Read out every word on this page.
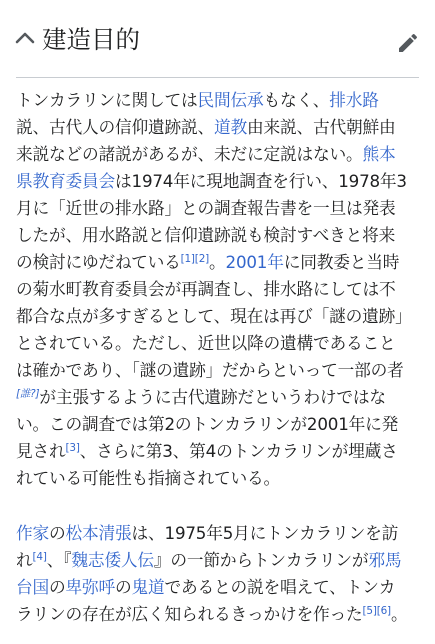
建造目的

トンカラリンに関しては民間伝承もなく、排水路
説、古代人の信仰遺跡説、道教由来説、古代朝鮮由
来説などの諸説があるが、未だに定説はない。熊本
県教育委員会は1974年に現地調査を行い、1978年3
月に「近世の排水路」との調査報告書を一旦は発表
したが、用水路説と信仰遺跡説も検討すべきと将来
の検討にゆだねている[1][2]。2001年に同教委と当時
の菊水町教育委員会が再調査し、排水路にしては不
都合な点が多すぎるとして、現在は再び「謎の遺跡」
とされている。ただし、近世以降の遺構であること
は確かであり、「謎の遺跡」だからといって一部の者
[誰?]が主張するように古代遺跡だというわけではな
い。この調査では第2のトンカラリンが2001年に発
見され[3]、さらに第3、第4のトンカラリンが埋蔵さ
れている可能性も指摘されている。

作家の松本清張は、1975年5月にトンカラリンを訪
れ[4]、『魏志倭人伝』の一節からトンカラリンが邪馬
台国の卑弥呼の鬼道であるとの説を唱えて、トンカ
ラリンの存在が広く知られるきっかけを作った[5][6]。
